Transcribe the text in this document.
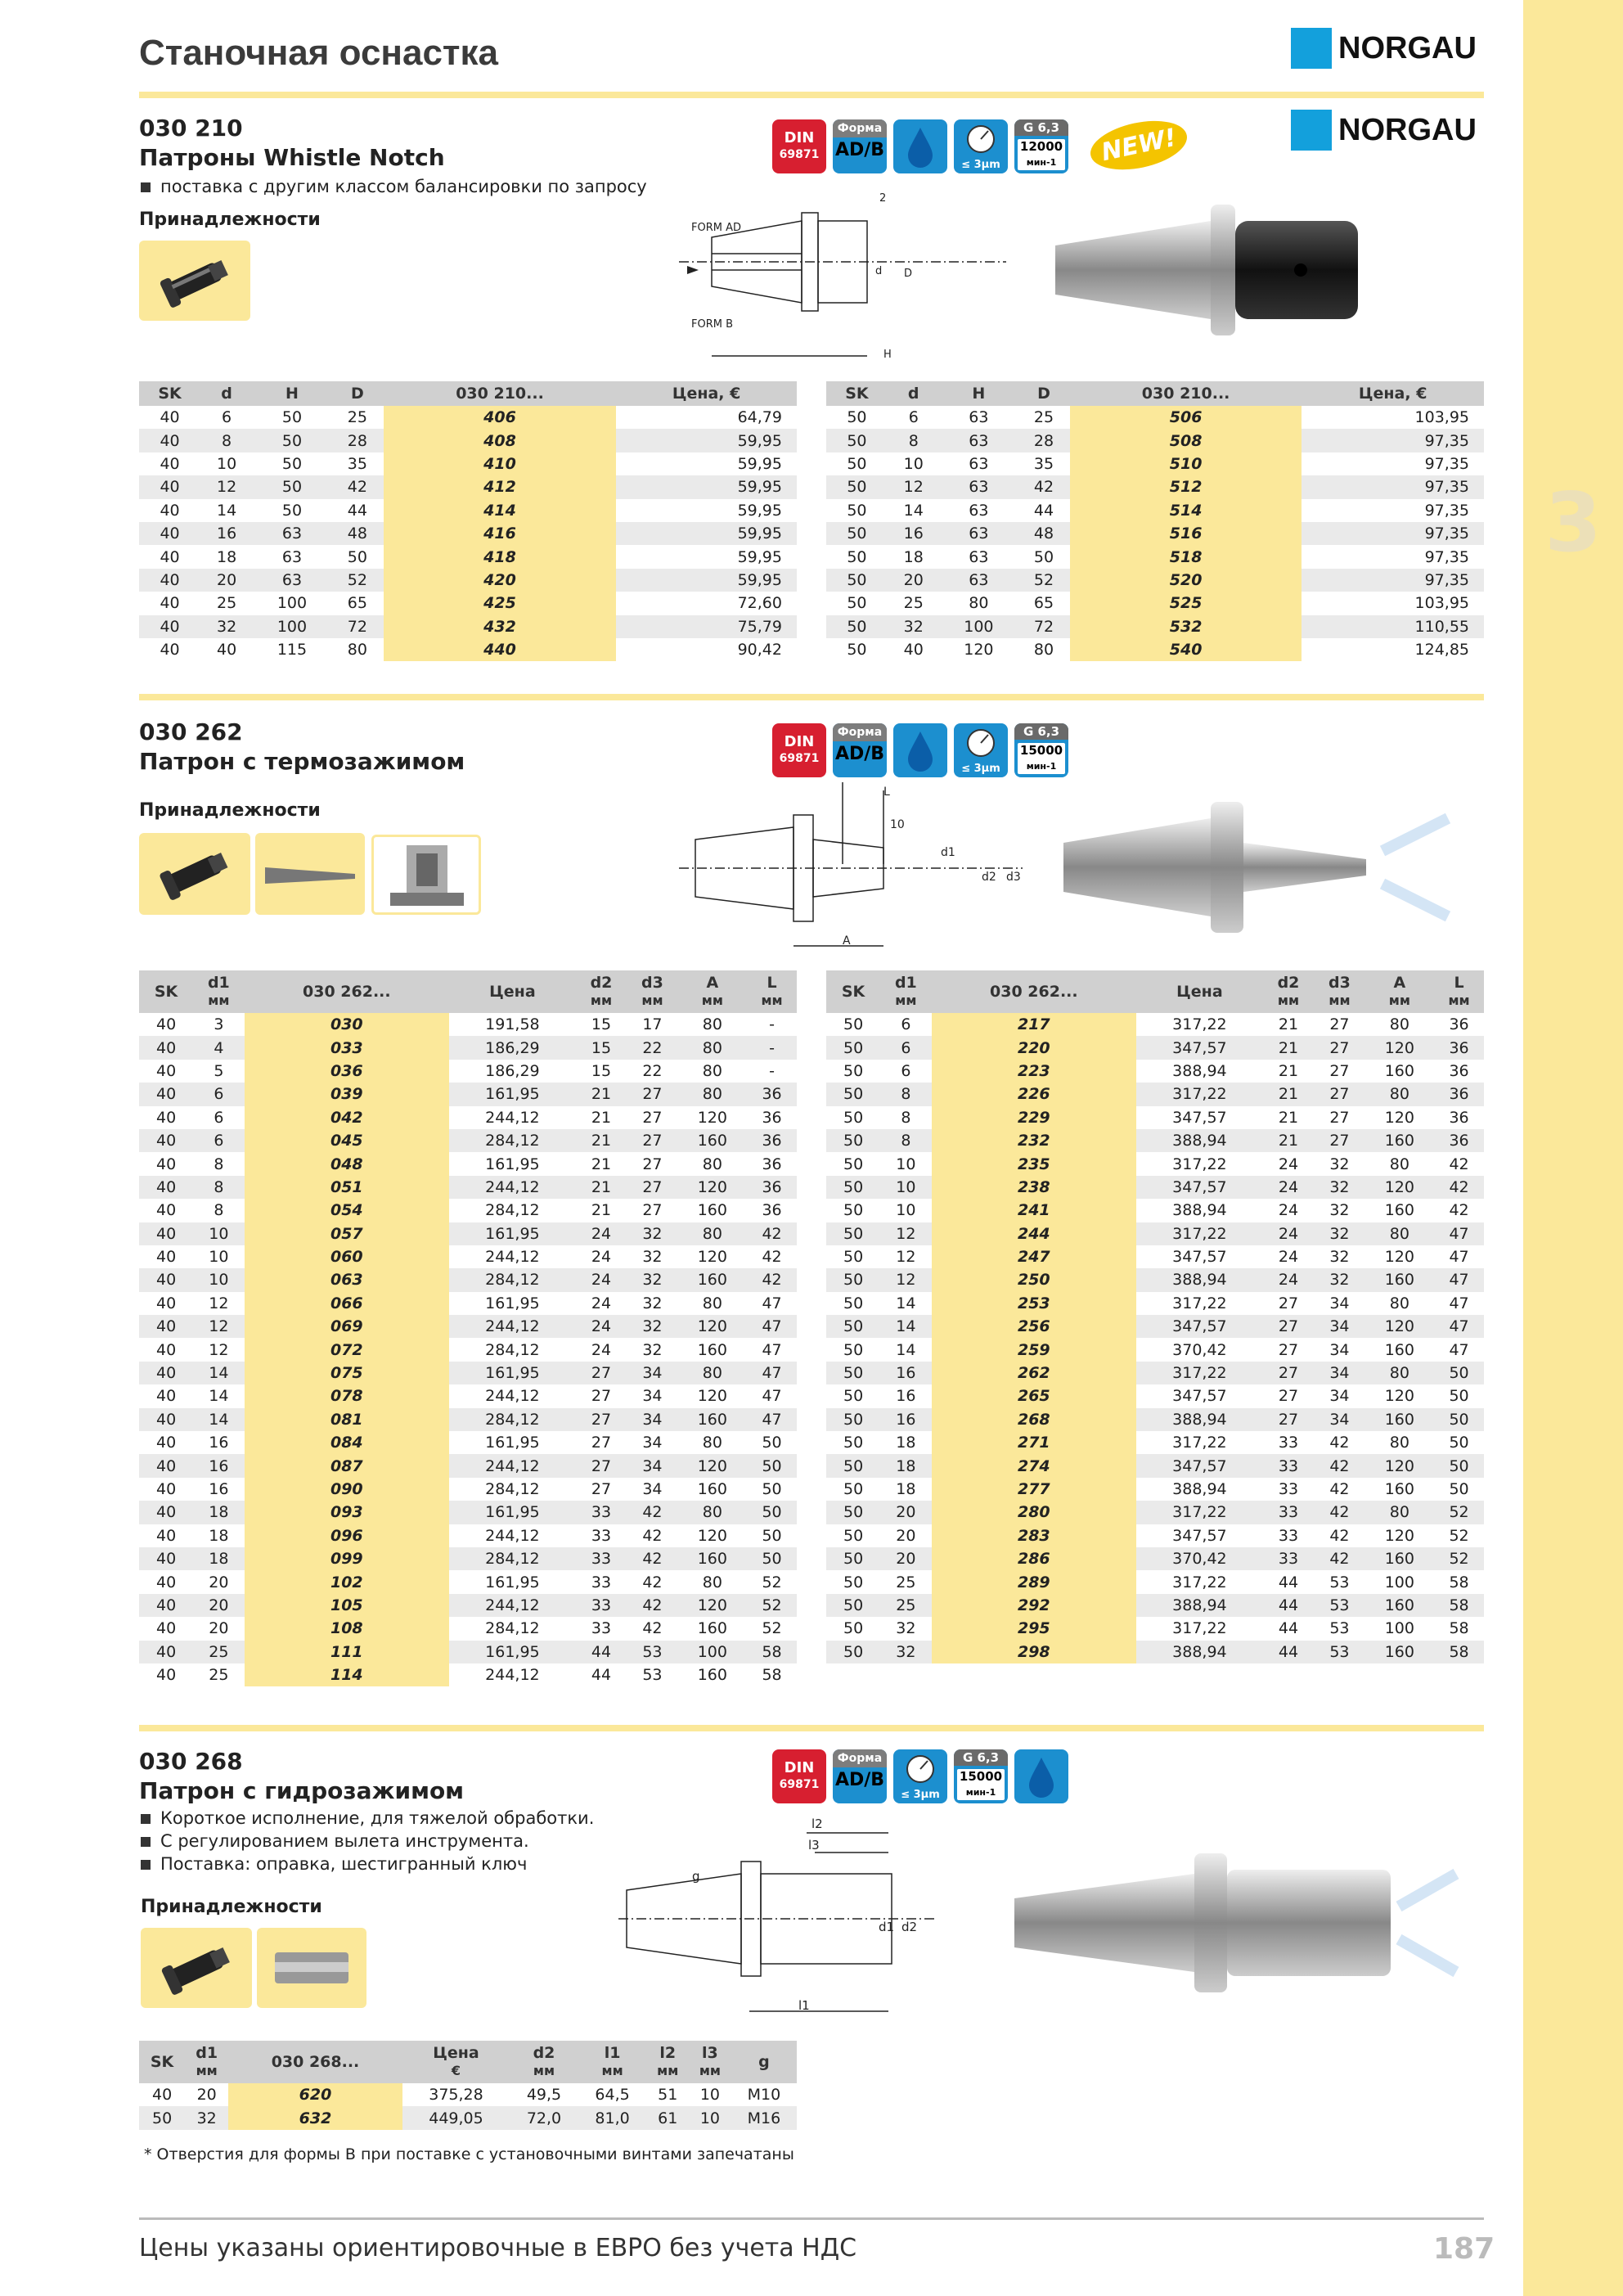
3
Станочная оснастка	NORGAU
030 210
Патроны Whistle Notch
поставка с другим классом балансировки по запросу
Принадлежности
DIN
69871
Форма
AD/B
≤ 3µm
G 6,3
12000
мин-1	NEW!	NORGAU
FORM AD
FORM B
d D
H
2
SK	d	H	D	030 210...	Цена, €
40	6	50	25	406	64,79
40	8	50	28	408	59,95
40	10	50	35	410	59,95
40	12	50	42	412	59,95
40	14	50	44	414	59,95
40	16	63	48	416	59,95
40	18	63	50	418	59,95
40	20	63	52	420	59,95
40	25	100	65	425	72,60
40	32	100	72	432	75,79
40	40	115	80	440	90,42
SK	d	H	D	030 210...	Цена, €
50	6	63	25	506	103,95
50	8	63	28	508	97,35
50	10	63	35	510	97,35
50	12	63	42	512	97,35
50	14	63	44	514	97,35
50	16	63	48	516	97,35
50	18	63	50	518	97,35
50	20	63	52	520	97,35
50	25	80	65	525	103,95
50	32	100	72	532	110,55
50	40	120	80	540	124,85
030 262
Патрон с термозажимом
Принадлежности
DIN
69871
Форма
AD/B
≤ 3µm
G 6,3
15000
мин-1
L
10
d1
d2 d3
A
SK	d1
мм	030 262...	Цена	d2
мм	d3
мм	A
мм	L
мм

40	3	030	191,58	15	17	80	-
40	4	033	186,29	15	22	80	-
40	5	036	186,29	15	22	80	-
40	6	039	161,95	21	27	80	36
40	6	042	244,12	21	27	120	36
40	6	045	284,12	21	27	160	36
40	8	048	161,95	21	27	80	36
40	8	051	244,12	21	27	120	36
40	8	054	284,12	21	27	160	36
40	10	057	161,95	24	32	80	42
40	10	060	244,12	24	32	120	42
40	10	063	284,12	24	32	160	42
40	12	066	161,95	24	32	80	47
40	12	069	244,12	24	32	120	47
40	12	072	284,12	24	32	160	47
40	14	075	161,95	27	34	80	47
40	14	078	244,12	27	34	120	47
40	14	081	284,12	27	34	160	47
40	16	084	161,95	27	34	80	50
40	16	087	244,12	27	34	120	50
40	16	090	284,12	27	34	160	50
40	18	093	161,95	33	42	80	50
40	18	096	244,12	33	42	120	50
40	18	099	284,12	33	42	160	50
40	20	102	161,95	33	42	80	52
40	20	105	244,12	33	42	120	52
40	20	108	284,12	33	42	160	52
40	25	111	161,95	44	53	100	58
40	25	114	244,12	44	53	160	58
SK	d1
мм	030 262...	Цена	d2
мм	d3
мм	A
мм	L
мм

50	6	217	317,22	21	27	80	36
50	6	220	347,57	21	27	120	36
50	6	223	388,94	21	27	160	36
50	8	226	317,22	21	27	80	36
50	8	229	347,57	21	27	120	36
50	8	232	388,94	21	27	160	36
50	10	235	317,22	24	32	80	42
50	10	238	347,57	24	32	120	42
50	10	241	388,94	24	32	160	42
50	12	244	317,22	24	32	80	47
50	12	247	347,57	24	32	120	47
50	12	250	388,94	24	32	160	47
50	14	253	317,22	27	34	80	47
50	14	256	347,57	27	34	120	47
50	14	259	370,42	27	34	160	47
50	16	262	317,22	27	34	80	50
50	16	265	347,57	27	34	120	50
50	16	268	388,94	27	34	160	50
50	18	271	317,22	33	42	80	50
50	18	274	347,57	33	42	120	50
50	18	277	388,94	33	42	160	50
50	20	280	317,22	33	42	80	52
50	20	283	347,57	33	42	120	52
50	20	286	370,42	33	42	160	52
50	25	289	317,22	44	53	100	58
50	25	292	388,94	44	53	160	58
50	32	295	317,22	44	53	100	58
50	32	298	388,94	44	53	160	58
030 268
Патрон с гидрозажимом
Короткое исполнение, для тяжелой обработки.
С регулированием вылета инструмента.
Поставка: оправка, шестигранный ключ
Принадлежности
DIN
69871
Форма
AD/B
≤ 3µm
G 6,3
15000
мин-1
l2
l3
l1
d1 d2
g
SK	d1
мм	030 268...	Цена
€	d2
мм	l1
мм	l2
мм	l3
мм	g
40	20	620	375,28	49,5	64,5	51	10	M10
50	32	632	449,05	72,0	81,0	61	10	M16
* Отверстия для формы В при поставке с установочными винтами запечатаны
Цены указаны ориентировочные в ЕВРО без учета НДС	187
